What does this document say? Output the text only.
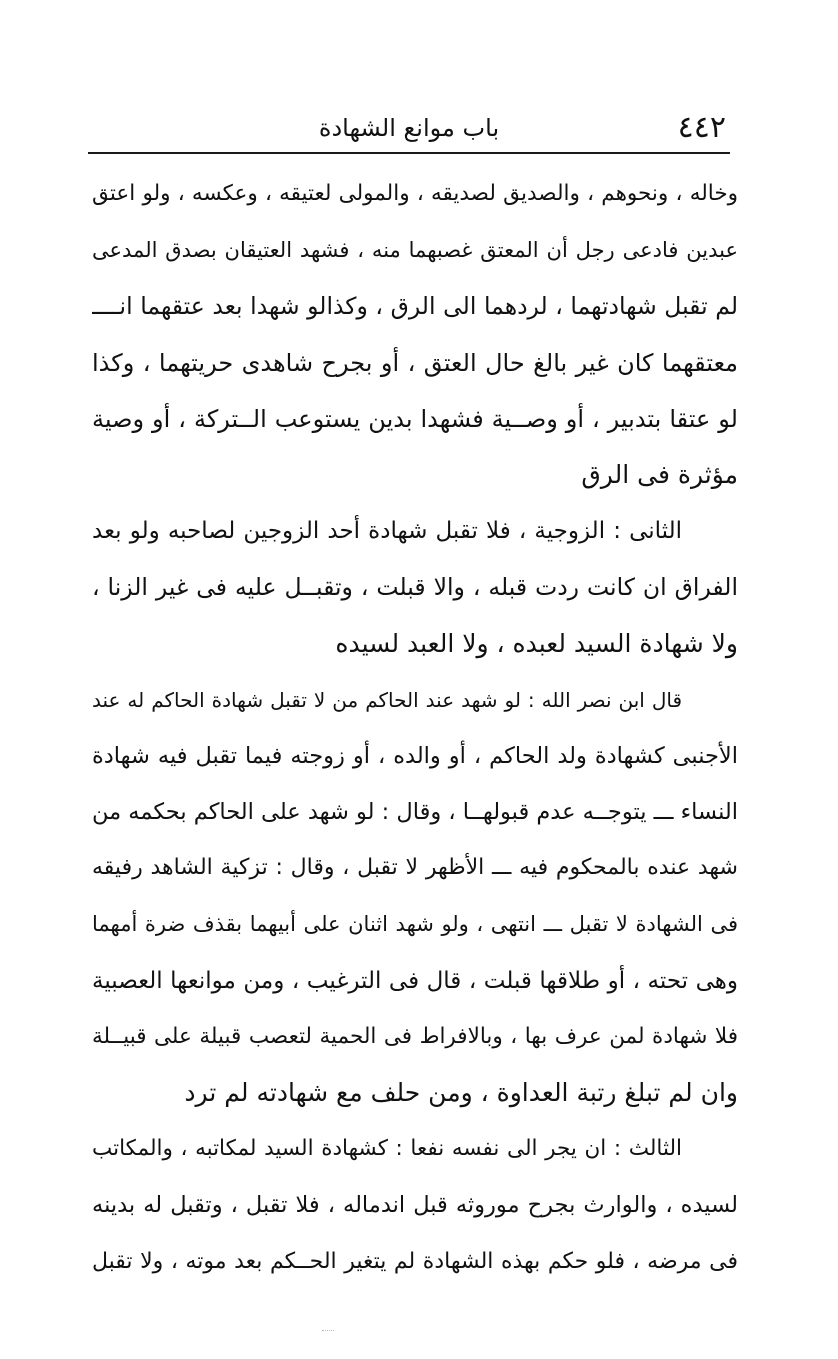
٤٤٢
باب موانع الشهادة
وخاله ، ونحوهم ، والصديق لصديقه ، والمولى لعتيقه ، وعكسه ، ولو اعتق
عبدين فادعى رجل أن المعتق غصبهما منه ، فشهد العتيقان بصدق المدعى
لم تقبل شهادتهما ، لردهما الى الرق ، وكذالو شهدا بعد عتقهما انــــ
معتقهما كان غير بالغ حال العتق ، أو بجرح شاهدى حريتهما ، وكذا
لو عتقا بتدبير ، أو وصــية فشهدا بدين يستوعب الــتركة ، أو وصية
مؤثرة فى الرق
الثانى : الزوجية ، فلا تقبل شهادة أحد الزوجين لصاحبه ولو بعد
الفراق ان كانت ردت قبله ، والا قبلت ، وتقبــل عليه فى غير الزنا ،
ولا شهادة السيد لعبده ، ولا العبد لسيده
قال ابن نصر الله : لو شهد عند الحاكم من لا تقبل شهادة الحاكم له عند
الأجنبى كشهادة ولد الحاكم ، أو والده ، أو زوجته فيما تقبل فيه شهادة
النساء ـــ يتوجــه عدم قبولهــا ، وقال : لو شهد على الحاكم بحكمه من
شهد عنده بالمحكوم فيه ـــ الأظهر لا تقبل ، وقال : تزكية الشاهد رفيقه
فى الشهادة لا تقبل ـــ انتهى ، ولو شهد اثنان على أبيهما بقذف ضرة أمهما
وهى تحته ، أو طلاقها قبلت ، قال فى الترغيب ، ومن موانعها العصبية
فلا شهادة لمن عرف بها ، وبالافراط فى الحمية لتعصب قبيلة على قبيــلة
وان لم تبلغ رتبة العداوة ، ومن حلف مع شهادته لم ترد
الثالث : ان يجر الى نفسه نفعا : كشهادة السيد لمكاتبه ، والمكاتب
لسيده ، والوارث بجرح موروثه قبل اندماله ، فلا تقبل ، وتقبل له بدينه
فى مرضه ، فلو حكم بهذه الشهادة لم يتغير الحــكم بعد موته ، ولا تقبل
